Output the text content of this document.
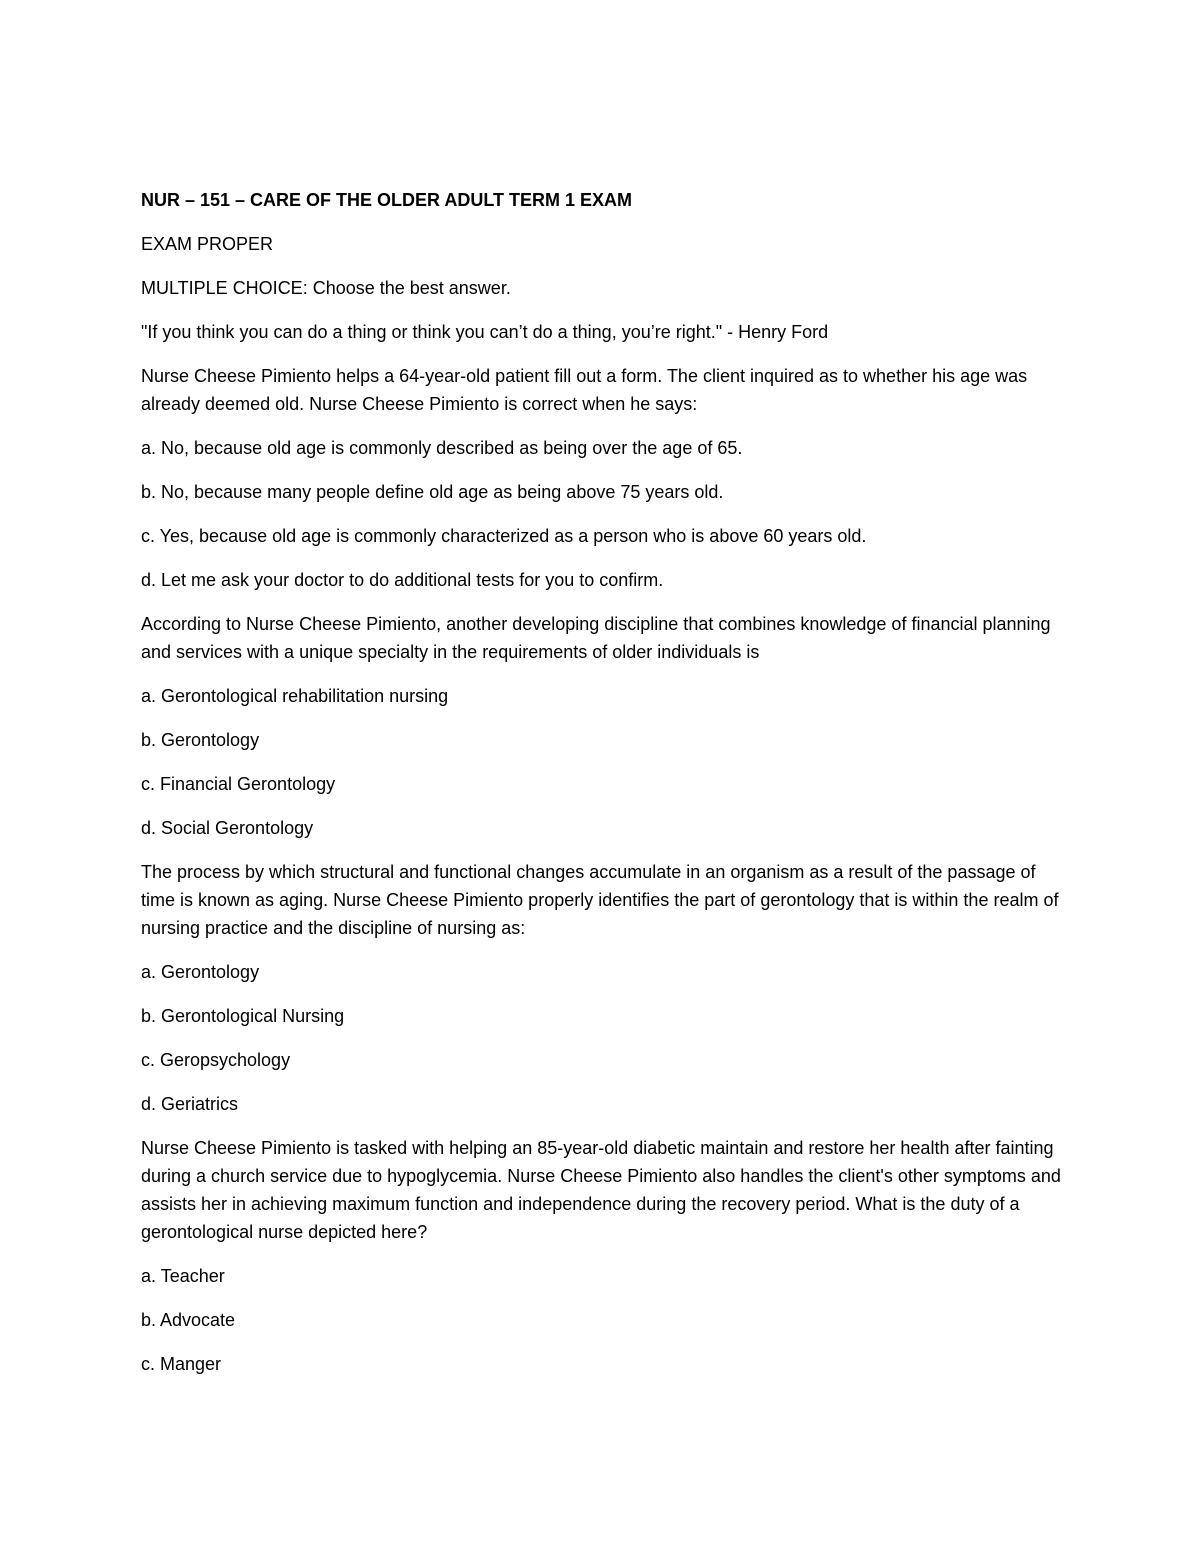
NUR – 151 – CARE OF THE OLDER ADULT TERM 1 EXAM

EXAM PROPER

MULTIPLE CHOICE: Choose the best answer.

"If you think you can do a thing or think you can’t do a thing, you’re right." - Henry Ford

Nurse Cheese Pimiento helps a 64-year-old patient fill out a form. The client inquired as to whether his age was already deemed old. Nurse Cheese Pimiento is correct when he says:

a. No, because old age is commonly described as being over the age of 65.

b. No, because many people define old age as being above 75 years old.

c. Yes, because old age is commonly characterized as a person who is above 60 years old.

d. Let me ask your doctor to do additional tests for you to confirm.

According to Nurse Cheese Pimiento, another developing discipline that combines knowledge of financial planning and services with a unique specialty in the requirements of older individuals is

a. Gerontological rehabilitation nursing

b. Gerontology

c. Financial Gerontology

d. Social Gerontology

The process by which structural and functional changes accumulate in an organism as a result of the passage of time is known as aging. Nurse Cheese Pimiento properly identifies the part of gerontology that is within the realm of nursing practice and the discipline of nursing as:

a. Gerontology

b. Gerontological Nursing

c. Geropsychology

d. Geriatrics

Nurse Cheese Pimiento is tasked with helping an 85-year-old diabetic maintain and restore her health after fainting during a church service due to hypoglycemia. Nurse Cheese Pimiento also handles the client's other symptoms and assists her in achieving maximum function and independence during the recovery period. What is the duty of a gerontological nurse depicted here?

a. Teacher

b. Advocate

c. Manger
